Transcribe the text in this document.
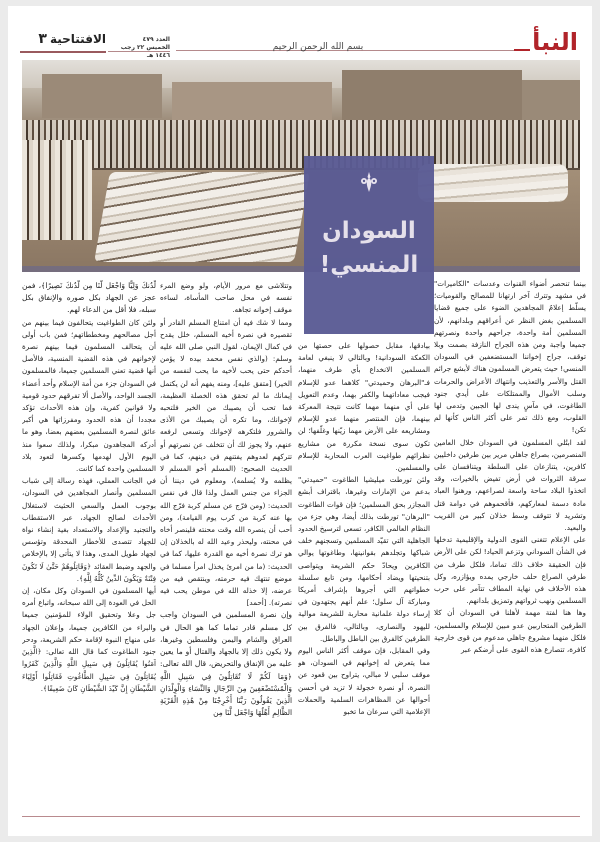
النبأ
بسم الله الرحمن الرحيم
العدد ٤٧٩
الخميس ٢٢ رجب ١٤٤٦ هـ
الافتتاحية
٣
السودان
المنسي!

بينما تنحصر أضواء القنوات وعدسات "الكاميرات" في مشهد وتترك آخر ارتهانا للمصالح والقوميات؛ يسلّط إعلامُ المجاهدين الضوء على جميع قضايا المسلمين بغض النظر عن أعراقهم وبلدانهم، لأن المسلمين أمة واحدة، جراحهم واحدة ونصرتهم جميعا واجبة ومن هذه الجراح النازفة بصمت وبلا توقف، جراح إخواننا المستضعفين في السودان المنسي! حيث يتعرض المسلمون هناك لأبشع جرائم القتل والأسر والتعذيب وانتهاك الأعراض والحرمات وسلب الأموال والممتلكات على أيدي جنود الطاغوت، في مآسٍ يندى لها الجبين وتدمى لها القلوب، ومع ذلك تمر على أكثر الناس كأنها لم تكن!

لقد ابتُلي المسلمون في السودان خلال العامين المنصرمين، بصراع جاهلي مرير بين طرفين داخليين كافرين، يتنازعان على السلطة ويتنافسان على سرقة الثروات في أرض تفيض بالخيرات، وقد اتخذوا البلاد ساحة واسعة لصراعهم، ورهنوا العباد مادة دسمة لمعاركهم، فأقحموهم في دوامة قتل وتشريد لا تتوقف وسط خذلان كبير من القريب والبعيد.

على الإعلام تتغنى القوى الدولية والإقليمية تدخلها في الشأن السوداني وتزعم الحياد! لكن على الأرض فإن الحقيقة خلاف ذلك تماما، فلكل طرف من طرفي الصراع حلف خارجي يمده ويؤازره، وكل هذه الأحلاف في نهاية المطاف تتآمر على حرب المسلمين ونهب ثرواتهم وتمزيق بلدانهم.

وها هنا لفتة مهمة لأهلنا في السودان أن كلا الطرفين المتحاربين عدو مبين للإسلام والمسلمين، فلكل منهما مشروع جاهلي مدعوم من قوى خارجية كافرة، تتصارع هذه القوى على أرضكم عبر

بيادقها، مقابل حصولها على حصتها من الكعكة السودانية! وبالتالي لا ينبغي لعامة المسلمين الانخداع بأي طرف منهما، فـ"البرهان وحميدتي" كلاهما عدو للإسلام فيجب معاداتهما والكفر بهما، وعدم التعويل على أي منهما مهما كانت نتيجة المعركة بينهما، فإن المنتصر منهما عدو للإسلام ومشاريعه على الأرض مهما زيّنها وغلّفها؛ لن تكون سوى نسخة مكررة من مشاريع نظرائهم طواغيت العرب المحاربة للإسلام والمسلمين.

ولئن تورطت ميليشيا الطاغوت "حميدتي" بدعم من الإمارات وغيرها، باقتراف أبشع المجازر بحق المسلمين؛ فإن قوات الطاغوت "البرهان" تورطت بذلك أيضا، وهي جزء من النظام العالمي الكافر، تسعى لترسيخ الحدود الجاهلية التي تقيّد المسلمين وتسجنهم خلف شباكها وتجلدهم بقوانينها، وطاغوتها يوالي الكافرين ويحادّ حكم الشريعة ويتواصى بتنحيتها ويضاد أحكامها، ومن تابع سلسلة خطواتهم التي أجروها بإشراف أمريكا ومباركة آل سلول؛ علم أنهم يجتهدون في إرساء دولة علمانية محاربة للشريعة موالية لليهود والنصارى، وبالتالي، فالفرق بين الطرفين كالفرق بين الباطل والباطل.

وفي المقابل، فإن موقف أكثر الناس اليوم مما يتعرض له إخوانهم في السودان، هو موقف سلبي لا مبالي، يتراوح بين قعود عن النصرة، أو نصرة خجولة لا تزيد في أحسن أحوالها عن المظاهرات السلمية والحملات الإعلامية التي سرعان ما تخبو

وتتلاشى مع مرور الأيام، ولو وضع المرء نفسه في محل صاحب المأساة، لساءه موقف إخوانه تجاهه.

ومما لا شك فيه أن امتناع المسلم القادر أو تقصيره في نصرة أخيه المسلم، خلل يقدح في كمال الإيمان، لقول النبي صلى الله عليه وسلم: (والذي نفس محمد بيده لا يؤمن أحدكم حتى يحب لأخيه ما يحب لنفسه من الخير) [متفق عليه]، ومنه يفهم أنه لن يكتمل إيمانك ما لم تحقق هذه الخصلة العظيمة، فما تحب أن يصيبك من الخير فلتحبه لإخوانك، وما تكره أن يصيبك من الأذى والشرور فلتكرهه لإخوانك وتسعى لرفعه عنهم، ولا يجوز لك أن تتخلف عن نصرتهم أو تتركهم لعدوهم يفتنهم في دينهم، كما في الحديث الصحيح: (المسلم أخو المسلم لا يظلمه ولا يُسلمه)، ومعلوم في ديننا أن الجزاء من جنس العمل ولذا قال في نفس الحديث: (ومن فرّج عن مسلم كربة فرّج الله بها عنه كربة من كرب يوم القيامة)، ومن أحب أن ينصره الله وقت محنته فلينصر أخاه في محنته، وليحذر وعيد الله له بالخذلان إن هو ترك نصرة أخيه مع القدرة عليها، كما في الحديث: (ما من امرئ يخذل امرأ مسلما في موضع تنتهك فيه حرمته، وينتقص فيه من عرضه، إلا خذله الله في موطن يحب فيه نصرته). [أحمد]

وإن نصرة المسلمين في السودان واجب كل مسلم قادر تماما كما هو الحال في العراق والشام واليمن وفلسطين وغيرها، ولا يكون ذلك إلا بالجهاد والقتال أو ما يعين عليه من الإنفاق والتحريض، قال الله تعالى: ﴿وَمَا لَكُمْ لَا تُقَاتِلُونَ فِي سَبِيلِ اللَّهِ وَالْمُسْتَضْعَفِينَ مِنَ الرِّجَالِ وَالنِّسَاءِ وَالْوِلْدَانِ الَّذِينَ يَقُولُونَ رَبَّنَا أَخْرِجْنَا مِنْ هَٰذِهِ الْقَرْيَةِ الظَّالِمِ أَهْلُهَا وَاجْعَل لَّنَا مِن

لَّدُنكَ وَلِيًّا وَاجْعَل لَّنَا مِن لَّدُنكَ نَصِيرًا﴾، فمن عجز عن الجهاد بكل صوره والإنفاق بكل سبله، فلا أقل من الدعاء لهم.

ولئن كان الطواغيت يتحالفون فيما بينهم من أجل مصالحهم ومخططاتهم؛ فمن باب أولى أن يتحالف المسلمون فيما بينهم نصرة لإخوانهم في هذه القضية المنسية، فالأصل أنها قضية تعني المسلمين جميعا، فالمسلمون في السودان جزء من أمة الإسلام وأحد أعضاء الجسد الواحد، والأصل ألا تفرقهم حدود قومية ولا قوانين كفرية، وإن هذه الأحداث تؤكد مجددا أن هذه الحدود ومفرزاتها هي أكبر عائق لنصرة المسلمين بعضهم بعضا، وهو ما أدركه المجاهدون مبكرا، ولذلك سعوا منذ اليوم الأول لهدمها وكسرها لتعود بلاد المسلمين واحدة كما كانت.

في الجانب العملي، فهذه رسالة إلى شباب المسلمين وأنصار المجاهدين في السودان، بوجوب العمل والسعي الحثيث لاستغلال الأحداث لصالح الجهاد، عبر الاستقطاب والتجنيد والإعداد والاستعداد بغية إنشاء نواة للجهاد تتصدى للأخطار المحدقة وتؤسس لجهاد طويل المدى، وهذا لا يتأتى إلا بالإخلاص والجهد وضبط العقائد ﴿وَقَاتِلُوهُمْ حَتَّىٰ لَا تَكُونَ فِتْنَةٌ وَيَكُونَ الدِّينُ كُلُّهُ لِلَّهِ﴾.

أيها المسلمون في السودان وكل مكان، إن الحل في العودة إلى الله سبحانه، واتباع أمره جل وعلا وتحقيق الولاء للمؤمنين جميعا والبراء من الكافرين جميعا، وإعلان الجهاد على منهاج النبوة لإقامة حكم الشريعة، ودحر جنود الطاغوت كما قال الله تعالى: ﴿الَّذِينَ آمَنُوا يُقَاتِلُونَ فِي سَبِيلِ اللَّهِ وَالَّذِينَ كَفَرُوا يُقَاتِلُونَ فِي سَبِيلِ الطَّاغُوتِ فَقَاتِلُوا أَوْلِيَاءَ الشَّيْطَانِ إِنَّ كَيْدَ الشَّيْطَانِ كَانَ ضَعِيفًا﴾.
